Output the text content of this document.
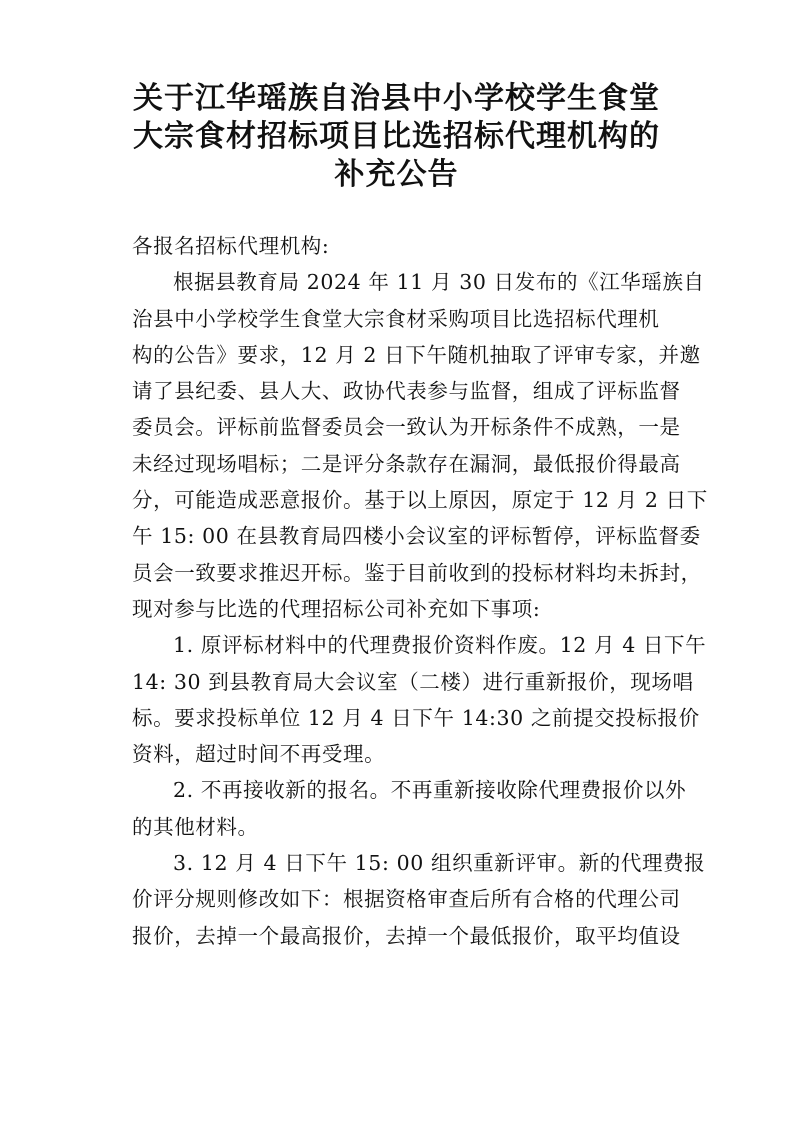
关于江华瑶族自治县中小学校学生食堂
大宗食材招标项目比选招标代理机构的
补充公告

各报名招标代理机构:

根据县教育局 2024 年 11 月 30 日发布的《江华瑶族自
治县中小学校学生食堂大宗食材采购项目比选招标代理机
构的公告》要求，12 月 2 日下午随机抽取了评审专家，并邀
请了县纪委、县人大、政协代表参与监督，组成了评标监督
委员会。评标前监督委员会一致认为开标条件不成熟，一是
未经过现场唱标；二是评分条款存在漏洞，最低报价得最高
分，可能造成恶意报价。基于以上原因，原定于 12 月 2 日下
午 15: 00 在县教育局四楼小会议室的评标暂停，评标监督委
员会一致要求推迟开标。鉴于目前收到的投标材料均未拆封，
现对参与比选的代理招标公司补充如下事项:
1. 原评标材料中的代理费报价资料作废。12 月 4 日下午
14: 30 到县教育局大会议室（二楼）进行重新报价，现场唱
标。要求投标单位 12 月 4 日下午 14:30 之前提交投标报价
资料，超过时间不再受理。
2. 不再接收新的报名。不再重新接收除代理费报价以外
的其他材料。
3. 12 月 4 日下午 15: 00 组织重新评审。新的代理费报
价评分规则修改如下：根据资格审查后所有合格的代理公司
报价，去掉一个最高报价，去掉一个最低报价，取平均值设
